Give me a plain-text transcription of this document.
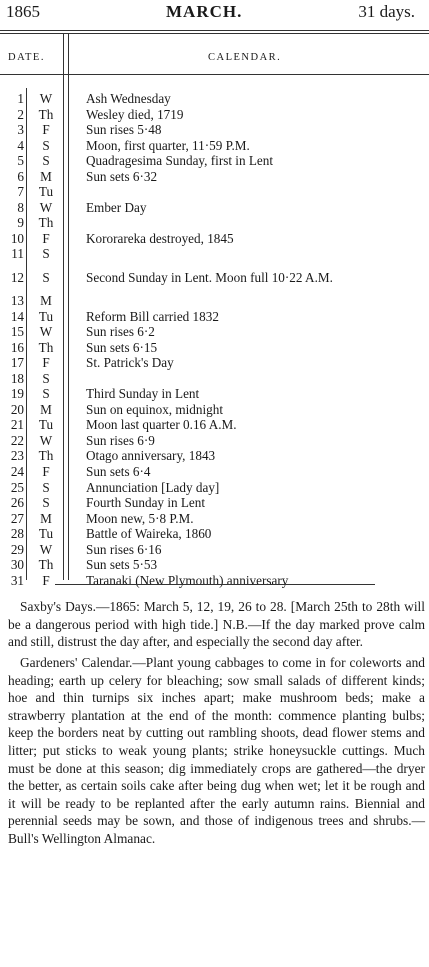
1865	MARCH.	31 days.
DATE.	CALENDAR.
1	W	Ash Wednesday
2	Th	Wesley died, 1719
3	F	Sun rises 5·48
4	S	Moon, first quarter, 11·59 P.M.
5	S	Quadragesima Sunday, first in Lent
6	M	Sun sets 6·32
7	Tu
8	W	Ember Day
9	Th
10	F	Kororareka destroyed, 1845
11	S
12	S	Second Sunday in Lent. Moon full 10·22 A.M.
13	M
14	Tu	Reform Bill carried 1832
15	W	Sun rises 6·2
16	Th	Sun sets 6·15
17	F	St. Patrick's Day
18	S
19	S	Third Sunday in Lent
20	M	Sun on equinox, midnight
21	Tu	Moon last quarter 0.16 A.M.
22	W	Sun rises 6·9
23	Th	Otago anniversary, 1843
24	F	Sun sets 6·4
25	S	Annunciation [Lady day]
26	S	Fourth Sunday in Lent
27	M	Moon new, 5·8 P.M.
28	Tu	Battle of Waireka, 1860
29	W	Sun rises 6·16
30	Th	Sun sets 5·53
31	F	Taranaki (New Plymouth) anniversary

Saxby's Days.—1865: March 5, 12, 19, 26 to 28. [March 25th to 28th will be a dangerous period with high tide.] N.B.—If the day marked prove calm and still, distrust the day after, and especially the second day after.

Gardeners' Calendar.—Plant young cabbages to come in for coleworts and heading; earth up celery for bleaching; sow small salads of different kinds; hoe and thin turnips six inches apart; make mushroom beds; make a strawberry plantation at the end of the month: commence planting bulbs; keep the borders neat by cutting out rambling shoots, dead flower stems and litter; put sticks to weak young plants; strike honeysuckle cuttings. Much must be done at this season; dig immediately crops are gathered—the dryer the better, as certain soils cake after being dug when wet; let it be rough and it will be ready to be replanted after the early autumn rains. Biennial and perennial seeds may be sown, and those of indigenous trees and shrubs.—Bull's Wellington Almanac.
